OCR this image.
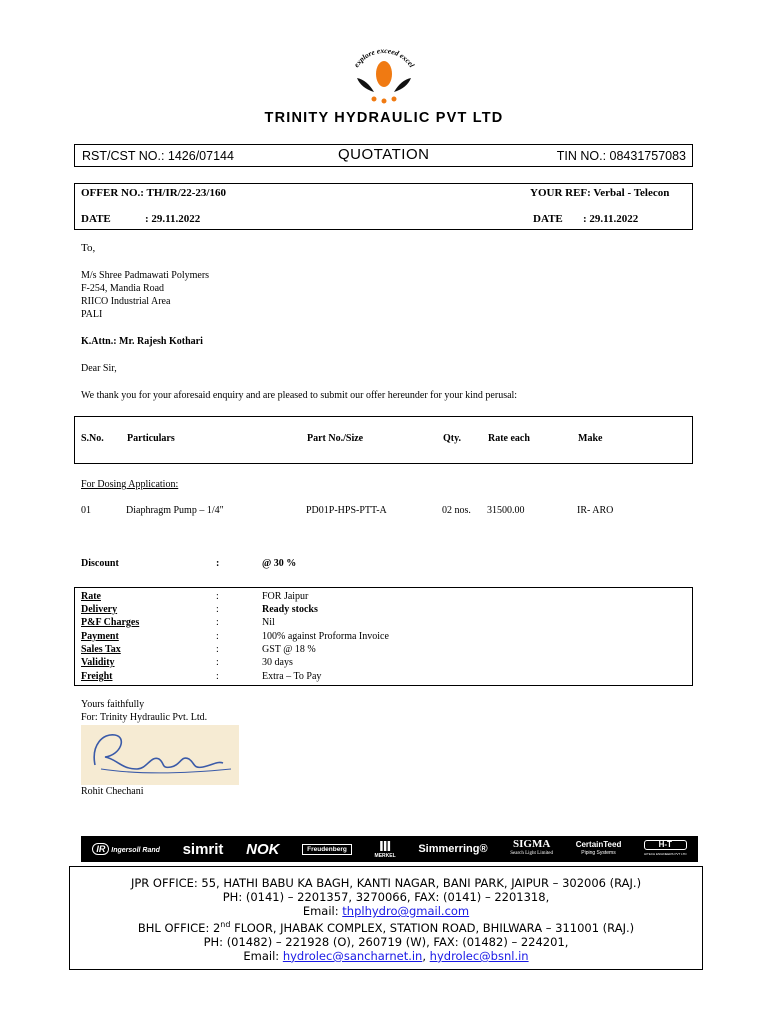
explore exceed excel
TRINITY HYDRAULIC PVT LTD
RST/CST NO.: 1426/07144	QUOTATION	TIN NO.: 08431757083
OFFER NO.: TH/IR/22-23/160	YOUR REF: Verbal - Telecon
DATE	: 29.11.2022	DATE : 29.11.2022
To,
M/s Shree Padmawati Polymers
F-254, Mandia Road
RIICO Industrial Area
PALI
K.Attn.: Mr. Rajesh Kothari
Dear Sir,
We thank you for your aforesaid enquiry and are pleased to submit our offer hereunder for your kind perusal:
S.No. Particulars	Part No./Size	Qty.	Rate each	Make
For Dosing Application:
01	Diaphragm Pump – 1/4"	PD01P-HPS-PTT-A	02 nos. 31500.00	IR- ARO
Discount	:	@ 30 %
Rate	:	FOR Jaipur
Delivery	:	Ready stocks
P&F Charges	:	Nil
Payment	:	100% against Proforma Invoice
Sales Tax	:	GST @ 18 %
Validity	:	30 days
Freight	:	Extra – To Pay
Yours faithfully
For: Trinity Hydraulic Pvt. Ltd.
Rheka
Rohit Chechani
IR Ingersoll Rand simrit NOK	Freudenberg	Ⅲ
MERKEL
Simmerring® SIGMA
Search Light Limited
CertainTeed
Piping Systems
H-T
HITECH ENGINEERS PVT LTD
JPR OFFICE: 55, HATHI BABU KA BAGH, KANTI NAGAR, BANI PARK, JAIPUR – 302006 (RAJ.)
PH: (0141) – 2201357, 3270066, FAX: (0141) – 2201318,
Email: thplhydro@gmail.com
BHL OFFICE: 2nd FLOOR, JHABAK COMPLEX, STATION ROAD, BHILWARA – 311001 (RAJ.)
PH: (01482) – 221928 (O), 260719 (W), FAX: (01482) – 224201,
Email: hydrolec@sancharnet.in, hydrolec@bsnl.in
